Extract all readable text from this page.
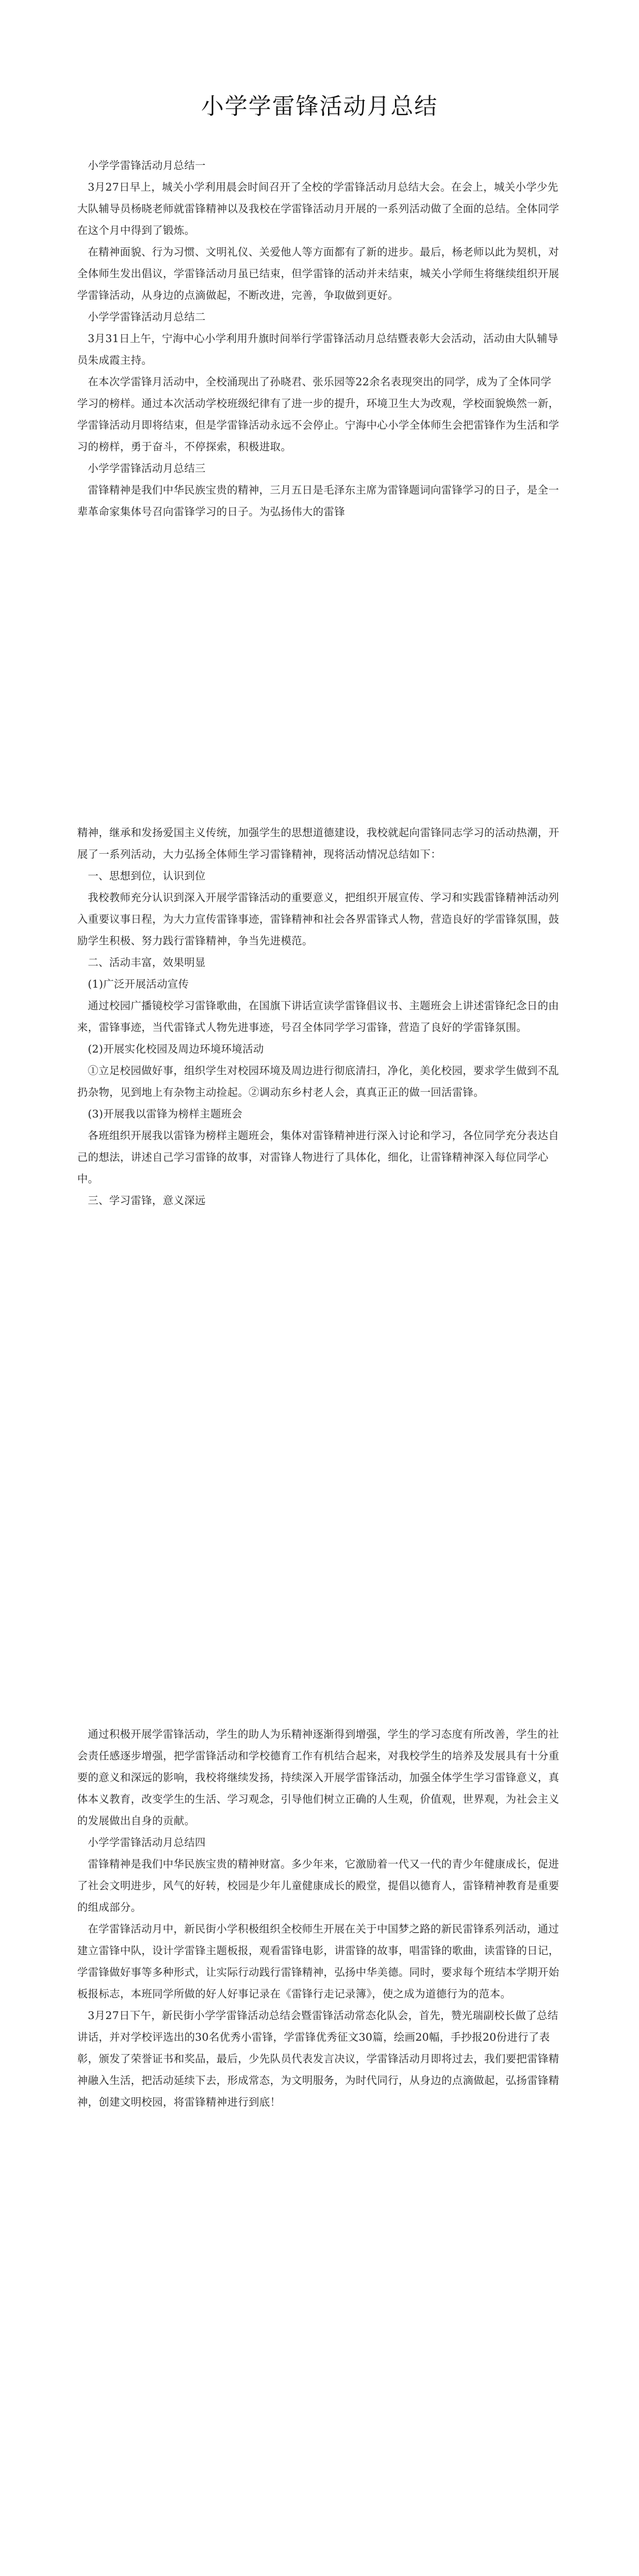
小学学雷锋活动月总结

小学学雷锋活动月总结一

3月27日早上，城关小学利用晨会时间召开了全校的学雷锋活动月总结大会。在会上，城关小学少先大队辅导员杨晓老师就雷锋精神以及我校在学雷锋活动月开展的一系列活动做了全面的总结。全体同学在这个月中得到了锻炼。

在精神面貌、行为习惯、文明礼仪、关爱他人等方面都有了新的进步。最后，杨老师以此为契机，对全体师生发出倡议，学雷锋活动月虽已结束，但学雷锋的活动并未结束，城关小学师生将继续组织开展学雷锋活动，从身边的点滴做起，不断改进，完善，争取做到更好。

小学学雷锋活动月总结二

3月31日上午，宁海中心小学利用升旗时间举行学雷锋活动月总结暨表彰大会活动，活动由大队辅导员朱成霞主持。

在本次学雷锋月活动中，全校涌现出了孙晓君、张乐园等22余名表现突出的同学，成为了全体同学学习的榜样。通过本次活动学校班级纪律有了进一步的提升，环境卫生大为改观，学校面貌焕然一新，学雷锋活动月即将结束，但是学雷锋活动永远不会停止。宁海中心小学全体师生会把雷锋作为生活和学习的榜样，勇于奋斗，不停探索，积极进取。

小学学雷锋活动月总结三

雷锋精神是我们中华民族宝贵的精神，三月五日是毛泽东主席为雷锋题词向雷锋学习的日子，是全一辈革命家集体号召向雷锋学习的日子。为弘扬伟大的雷锋

精神，继承和发扬爱国主义传统，加强学生的思想道德建设，我校就起向雷锋同志学习的活动热潮，开展了一系列活动，大力弘扬全体师生学习雷锋精神，现将活动情况总结如下：

一、思想到位，认识到位

我校教师充分认识到深入开展学雷锋活动的重要意义，把组织开展宣传、学习和实践雷锋精神活动列入重要议事日程，为大力宣传雷锋事迹，雷锋精神和社会各界雷锋式人物，营造良好的学雷锋氛围，鼓励学生积极、努力践行雷锋精神，争当先进模范。

二、活动丰富，效果明显

(1)广泛开展活动宣传

通过校园广播镜校学习雷锋歌曲，在国旗下讲话宣读学雷锋倡议书、主题班会上讲述雷锋纪念日的由来，雷锋事迹，当代雷锋式人物先进事迹，号召全体同学学习雷锋，营造了良好的学雷锋氛围。

(2)开展实化校园及周边环境环境活动

①立足校园做好事，组织学生对校园环境及周边进行彻底清扫，净化，美化校园，要求学生做到不乱扔杂物，见到地上有杂物主动捡起。②调动东乡村老人会，真真正正的做一回活雷锋。

(3)开展我以雷锋为榜样主题班会

各班组织开展我以雷锋为榜样主题班会，集体对雷锋精神进行深入讨论和学习，各位同学充分表达自己的想法，讲述自己学习雷锋的故事，对雷锋人物进行了具体化，细化，让雷锋精神深入每位同学心中。

三、学习雷锋，意义深远

通过积极开展学雷锋活动，学生的助人为乐精神逐渐得到增强，学生的学习态度有所改善，学生的社会责任感逐步增强，把学雷锋活动和学校德育工作有机结合起来，对我校学生的培养及发展具有十分重要的意义和深远的影响，我校将继续发扬，持续深入开展学雷锋活动，加强全体学生学习雷锋意义，真体本义教育，改变学生的生活、学习观念，引导他们树立正确的人生观，价值观，世界观，为社会主义的发展做出自身的贡献。

小学学雷锋活动月总结四

雷锋精神是我们中华民族宝贵的精神财富。多少年来，它激励着一代又一代的青少年健康成长，促进了社会文明进步，风气的好转，校园是少年儿童健康成长的殿堂，提倡以德育人，雷锋精神教育是重要的组成部分。

在学雷锋活动月中，新民街小学积极组织全校师生开展在关于中国梦之路的新民雷锋系列活动，通过建立雷锋中队，设计学雷锋主题板报，观看雷锋电影，讲雷锋的故事，唱雷锋的歌曲，读雷锋的日记，学雷锋做好事等多种形式，让实际行动践行雷锋精神，弘扬中华美德。同时，要求每个班结本学期开始板报标志，本班同学所做的好人好事记录在《雷锋行走记录簿》，使之成为道德行为的范本。

3月27日下午，新民街小学学雷锋活动总结会暨雷锋活动常态化队会，首先，赞光瑞副校长做了总结讲话，并对学校评选出的30名优秀小雷锋，学雷锋优秀征文30篇，绘画20幅，手抄报20份进行了表彰，颁发了荣誉证书和奖品，最后，少先队员代表发言决议，学雷锋活动月即将过去，我们要把雷锋精神融入生活，把活动延续下去，形成常态，为文明服务，为时代同行，从身边的点滴做起，弘扬雷锋精神，创建文明校园，将雷锋精神进行到底！
